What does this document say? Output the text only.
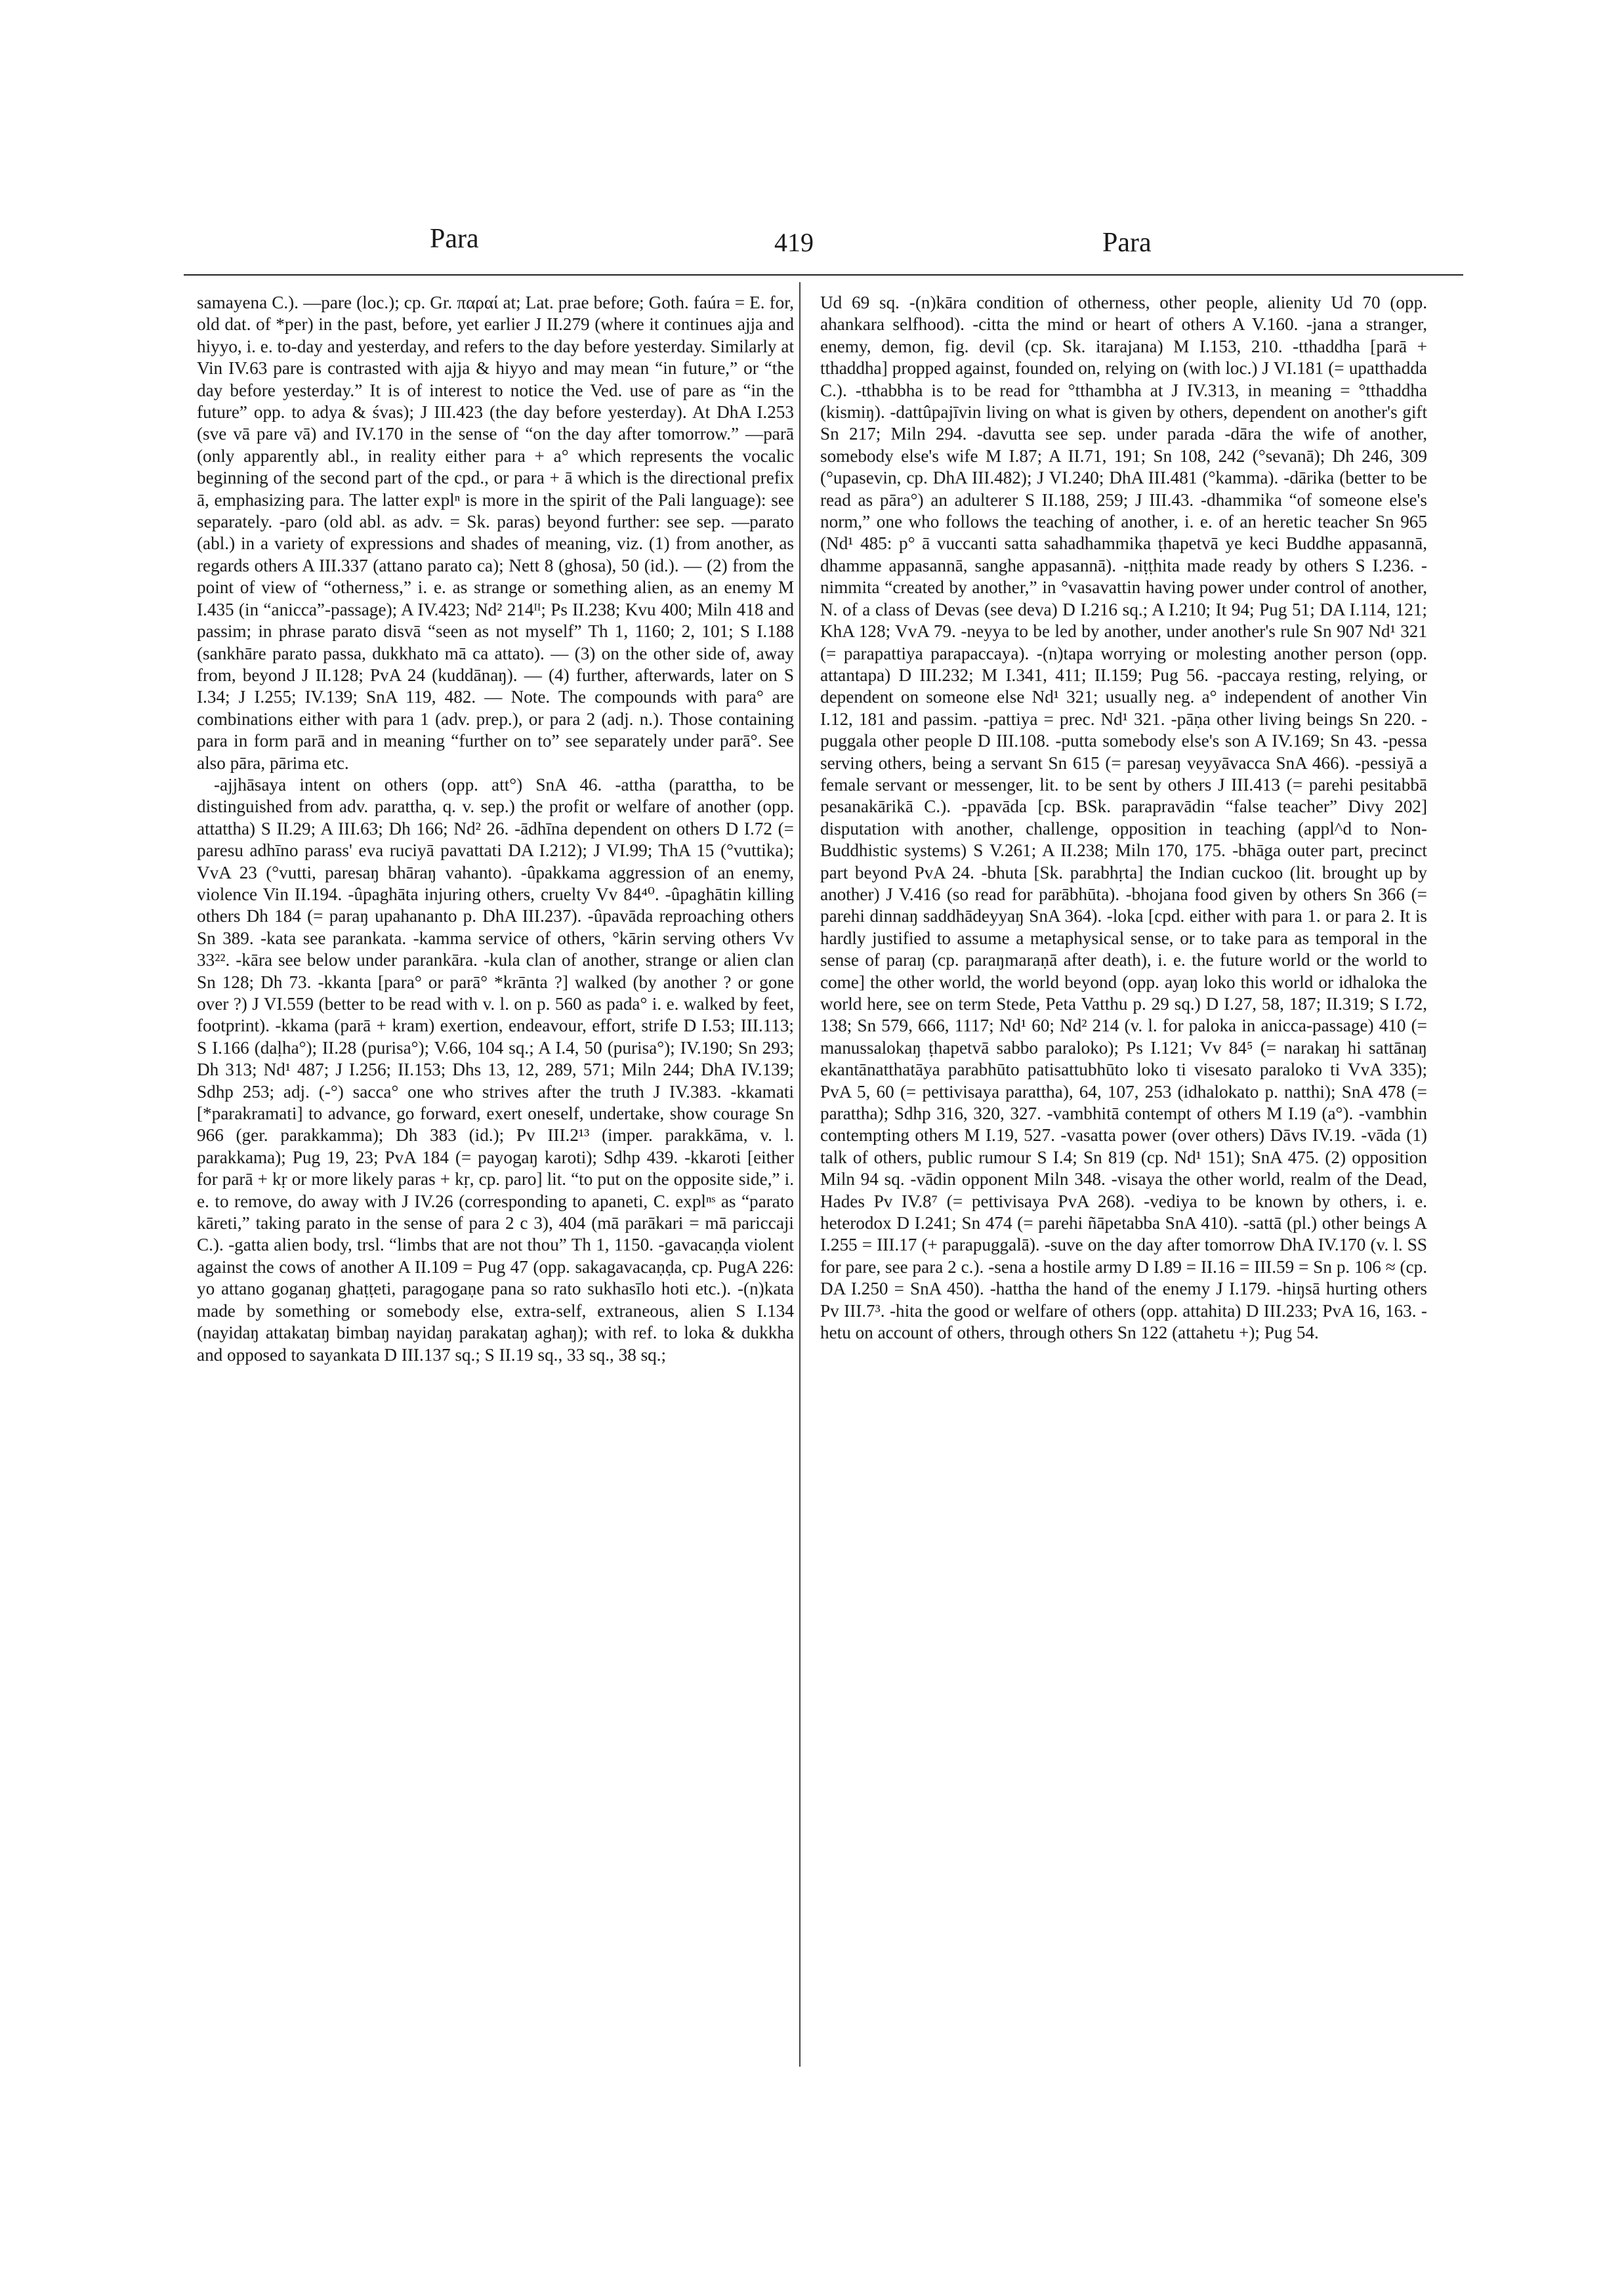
Para	419	Para

samayena C.). —pare (loc.); cp. Gr. παραί at; Lat. prae before; Goth. faúra = E. for, old dat. of *per) in the past, before, yet earlier J II.279 (where it continues ajja and hiyyo, i. e. to-day and yesterday, and refers to the day before yesterday. Similarly at Vin IV.63 pare is contrasted with ajja & hiyyo and may mean “in future,” or “the day before yesterday.” It is of interest to notice the Ved. use of pare as “in the future” opp. to adya & śvas); J III.423 (the day before yesterday). At DhA I.253 (sve vā pare vā) and IV.170 in the sense of “on the day after tomorrow.” —parā (only apparently abl., in reality either para + a° which represents the vocalic beginning of the second part of the cpd., or para + ā which is the directional prefix ā, emphasizing para. The latter explⁿ is more in the spirit of the Pali language): see separately. -paro (old abl. as adv. = Sk. paras) beyond further: see sep. —parato (abl.) in a variety of expressions and shades of meaning, viz. (1) from another, as regards others A III.337 (attano parato ca); Nett 8 (ghosa), 50 (id.). — (2) from the point of view of “otherness,” i. e. as strange or something alien, as an enemy M I.435 (in “anicca”-passage); A IV.423; Nd² 214ᴵᴵ; Ps II.238; Kvu 400; Miln 418 and passim; in phrase parato disvā “seen as not myself” Th 1, 1160; 2, 101; S I.188 (sankhāre parato passa, dukkhato mā ca attato). — (3) on the other side of, away from, beyond J II.128; PvA 24 (kuddānaŋ). — (4) further, afterwards, later on S I.34; J I.255; IV.139; SnA 119, 482. — Note. The compounds with para° are combinations either with para 1 (adv. prep.), or para 2 (adj. n.). Those containing para in form parā and in meaning “further on to” see separately under parā°. See also pāra, pārima etc.

-ajjhāsaya intent on others (opp. att°) SnA 46. -attha (parattha, to be distinguished from adv. parattha, q. v. sep.) the profit or welfare of another (opp. attattha) S II.29; A III.63; Dh 166; Nd² 26. -ādhīna dependent on others D I.72 (= paresu adhīno parass' eva ruciyā pavattati DA I.212); J VI.99; ThA 15 (°vuttika); VvA 23 (°vutti, paresaŋ bhāraŋ vahanto). -ûpakkama aggression of an enemy, violence Vin II.194. -ûpaghāta injuring others, cruelty Vv 84⁴⁰. -ûpaghātin killing others Dh 184 (= paraŋ upahananto p. DhA III.237). -ûpavāda reproaching others Sn 389. -kata see parankata. -kamma service of others, °kārin serving others Vv 33²². -kāra see below under parankāra. -kula clan of another, strange or alien clan Sn 128; Dh 73. -kkanta [para° or parā° *krānta ?] walked (by another ? or gone over ?) J VI.559 (better to be read with v. l. on p. 560 as pada° i. e. walked by feet, footprint). -kkama (parā + kram) exertion, endeavour, effort, strife D I.53; III.113; S I.166 (daḷha°); II.28 (purisa°); V.66, 104 sq.; A I.4, 50 (purisa°); IV.190; Sn 293; Dh 313; Nd¹ 487; J I.256; II.153; Dhs 13, 12, 289, 571; Miln 244; DhA IV.139; Sdhp 253; adj. (-°) sacca° one who strives after the truth J IV.383. -kkamati [*parakramati] to advance, go forward, exert oneself, undertake, show courage Sn 966 (ger. parakkamma); Dh 383 (id.); Pv III.2¹³ (imper. parakkāma, v. l. parakkama); Pug 19, 23; PvA 184 (= payogaŋ karoti); Sdhp 439. -kkaroti [either for parā + kṛ or more likely paras + kṛ, cp. paro] lit. “to put on the opposite side,” i. e. to remove, do away with J IV.26 (corresponding to apaneti, C. explⁿˢ as “parato kāreti,” taking parato in the sense of para 2 c 3), 404 (mā parākari = mā pariccaji C.). -gatta alien body, trsl. “limbs that are not thou” Th 1, 1150. -gavacaṇḍa violent against the cows of another A II.109 = Pug 47 (opp. sakagavacaṇḍa, cp. PugA 226: yo attano goganaŋ ghaṭṭeti, paragogaṇe pana so rato sukhasīlo hoti etc.). -(n)kata made by something or somebody else, extra-self, extraneous, alien S I.134 (nayidaŋ attakataŋ bimbaŋ nayidaŋ parakataŋ aghaŋ); with ref. to loka & dukkha and opposed to sayankata D III.137 sq.; S II.19 sq., 33 sq., 38 sq.;

Ud 69 sq. -(n)kāra condition of otherness, other people, alienity Ud 70 (opp. ahankara selfhood). -citta the mind or heart of others A V.160. -jana a stranger, enemy, demon, fig. devil (cp. Sk. itarajana) M I.153, 210. -tthaddha [parā + tthaddha] propped against, founded on, relying on (with loc.) J VI.181 (= upatthadda C.). -tthabbha is to be read for °tthambha at J IV.313, in meaning = °tthaddha (kismiŋ). -dattûpajīvin living on what is given by others, dependent on another's gift Sn 217; Miln 294. -davutta see sep. under parada -dāra the wife of another, somebody else's wife M I.87; A II.71, 191; Sn 108, 242 (°sevanā); Dh 246, 309 (°upasevin, cp. DhA III.482); J VI.240; DhA III.481 (°kamma). -dārika (better to be read as pāra°) an adulterer S II.188, 259; J III.43. -dhammika “of someone else's norm,” one who follows the teaching of another, i. e. of an heretic teacher Sn 965 (Nd¹ 485: p° ā vuccanti satta sahadhammika ṭhapetvā ye keci Buddhe appasannā, dhamme appasannā, sanghe appasannā). -niṭṭhita made ready by others S I.236. -nimmita “created by another,” in °vasavattin having power under control of another, N. of a class of Devas (see deva) D I.216 sq.; A I.210; It 94; Pug 51; DA I.114, 121; KhA 128; VvA 79. -neyya to be led by another, under another's rule Sn 907 Nd¹ 321 (= parapattiya parapaccaya). -(n)tapa worrying or molesting another person (opp. attantapa) D III.232; M I.341, 411; II.159; Pug 56. -paccaya resting, relying, or dependent on someone else Nd¹ 321; usually neg. a° independent of another Vin I.12, 181 and passim. -pattiya = prec. Nd¹ 321. -pāṇa other living beings Sn 220. -puggala other people D III.108. -putta somebody else's son A IV.169; Sn 43. -pessa serving others, being a servant Sn 615 (= paresaŋ veyyāvacca SnA 466). -pessiyā a female servant or messenger, lit. to be sent by others J III.413 (= parehi pesitabbā pesanakārikā C.). -ppavāda [cp. BSk. parapravādin “false teacher” Divy 202] disputation with another, challenge, opposition in teaching (appl^d to Non-Buddhistic systems) S V.261; A II.238; Miln 170, 175. -bhāga outer part, precinct part beyond PvA 24. -bhuta [Sk. parabhṛta] the Indian cuckoo (lit. brought up by another) J V.416 (so read for parābhūta). -bhojana food given by others Sn 366 (= parehi dinnaŋ saddhādeyyaŋ SnA 364). -loka [cpd. either with para 1. or para 2. It is hardly justified to assume a metaphysical sense, or to take para as temporal in the sense of paraŋ (cp. paraŋmaraṇā after death), i. e. the future world or the world to come] the other world, the world beyond (opp. ayaŋ loko this world or idhaloka the world here, see on term Stede, Peta Vatthu p. 29 sq.) D I.27, 58, 187; II.319; S I.72, 138; Sn 579, 666, 1117; Nd¹ 60; Nd² 214 (v. l. for paloka in anicca-passage) 410 (= manussalokaŋ ṭhapetvā sabbo paraloko); Ps I.121; Vv 84⁵ (= narakaŋ hi sattānaŋ ekantānatthatāya parabhūto patisattubhūto loko ti visesato paraloko ti VvA 335); PvA 5, 60 (= pettivisaya parattha), 64, 107, 253 (idhalokato p. natthi); SnA 478 (= parattha); Sdhp 316, 320, 327. -vambhitā contempt of others M I.19 (a°). -vambhin contempting others M I.19, 527. -vasatta power (over others) Dāvs IV.19. -vāda (1) talk of others, public rumour S I.4; Sn 819 (cp. Nd¹ 151); SnA 475. (2) opposition Miln 94 sq. -vādin opponent Miln 348. -visaya the other world, realm of the Dead, Hades Pv IV.8⁷ (= pettivisaya PvA 268). -vediya to be known by others, i. e. heterodox D I.241; Sn 474 (= parehi ñāpetabba SnA 410). -sattā (pl.) other beings A I.255 = III.17 (+ parapuggalā). -suve on the day after tomorrow DhA IV.170 (v. l. SS for pare, see para 2 c.). -sena a hostile army D I.89 = II.16 = III.59 = Sn p. 106 ≈ (cp. DA I.250 = SnA 450). -hattha the hand of the enemy J I.179. -hiŋsā hurting others Pv III.7³. -hita the good or welfare of others (opp. attahita) D III.233; PvA 16, 163. -hetu on account of others, through others Sn 122 (attahetu +); Pug 54.
